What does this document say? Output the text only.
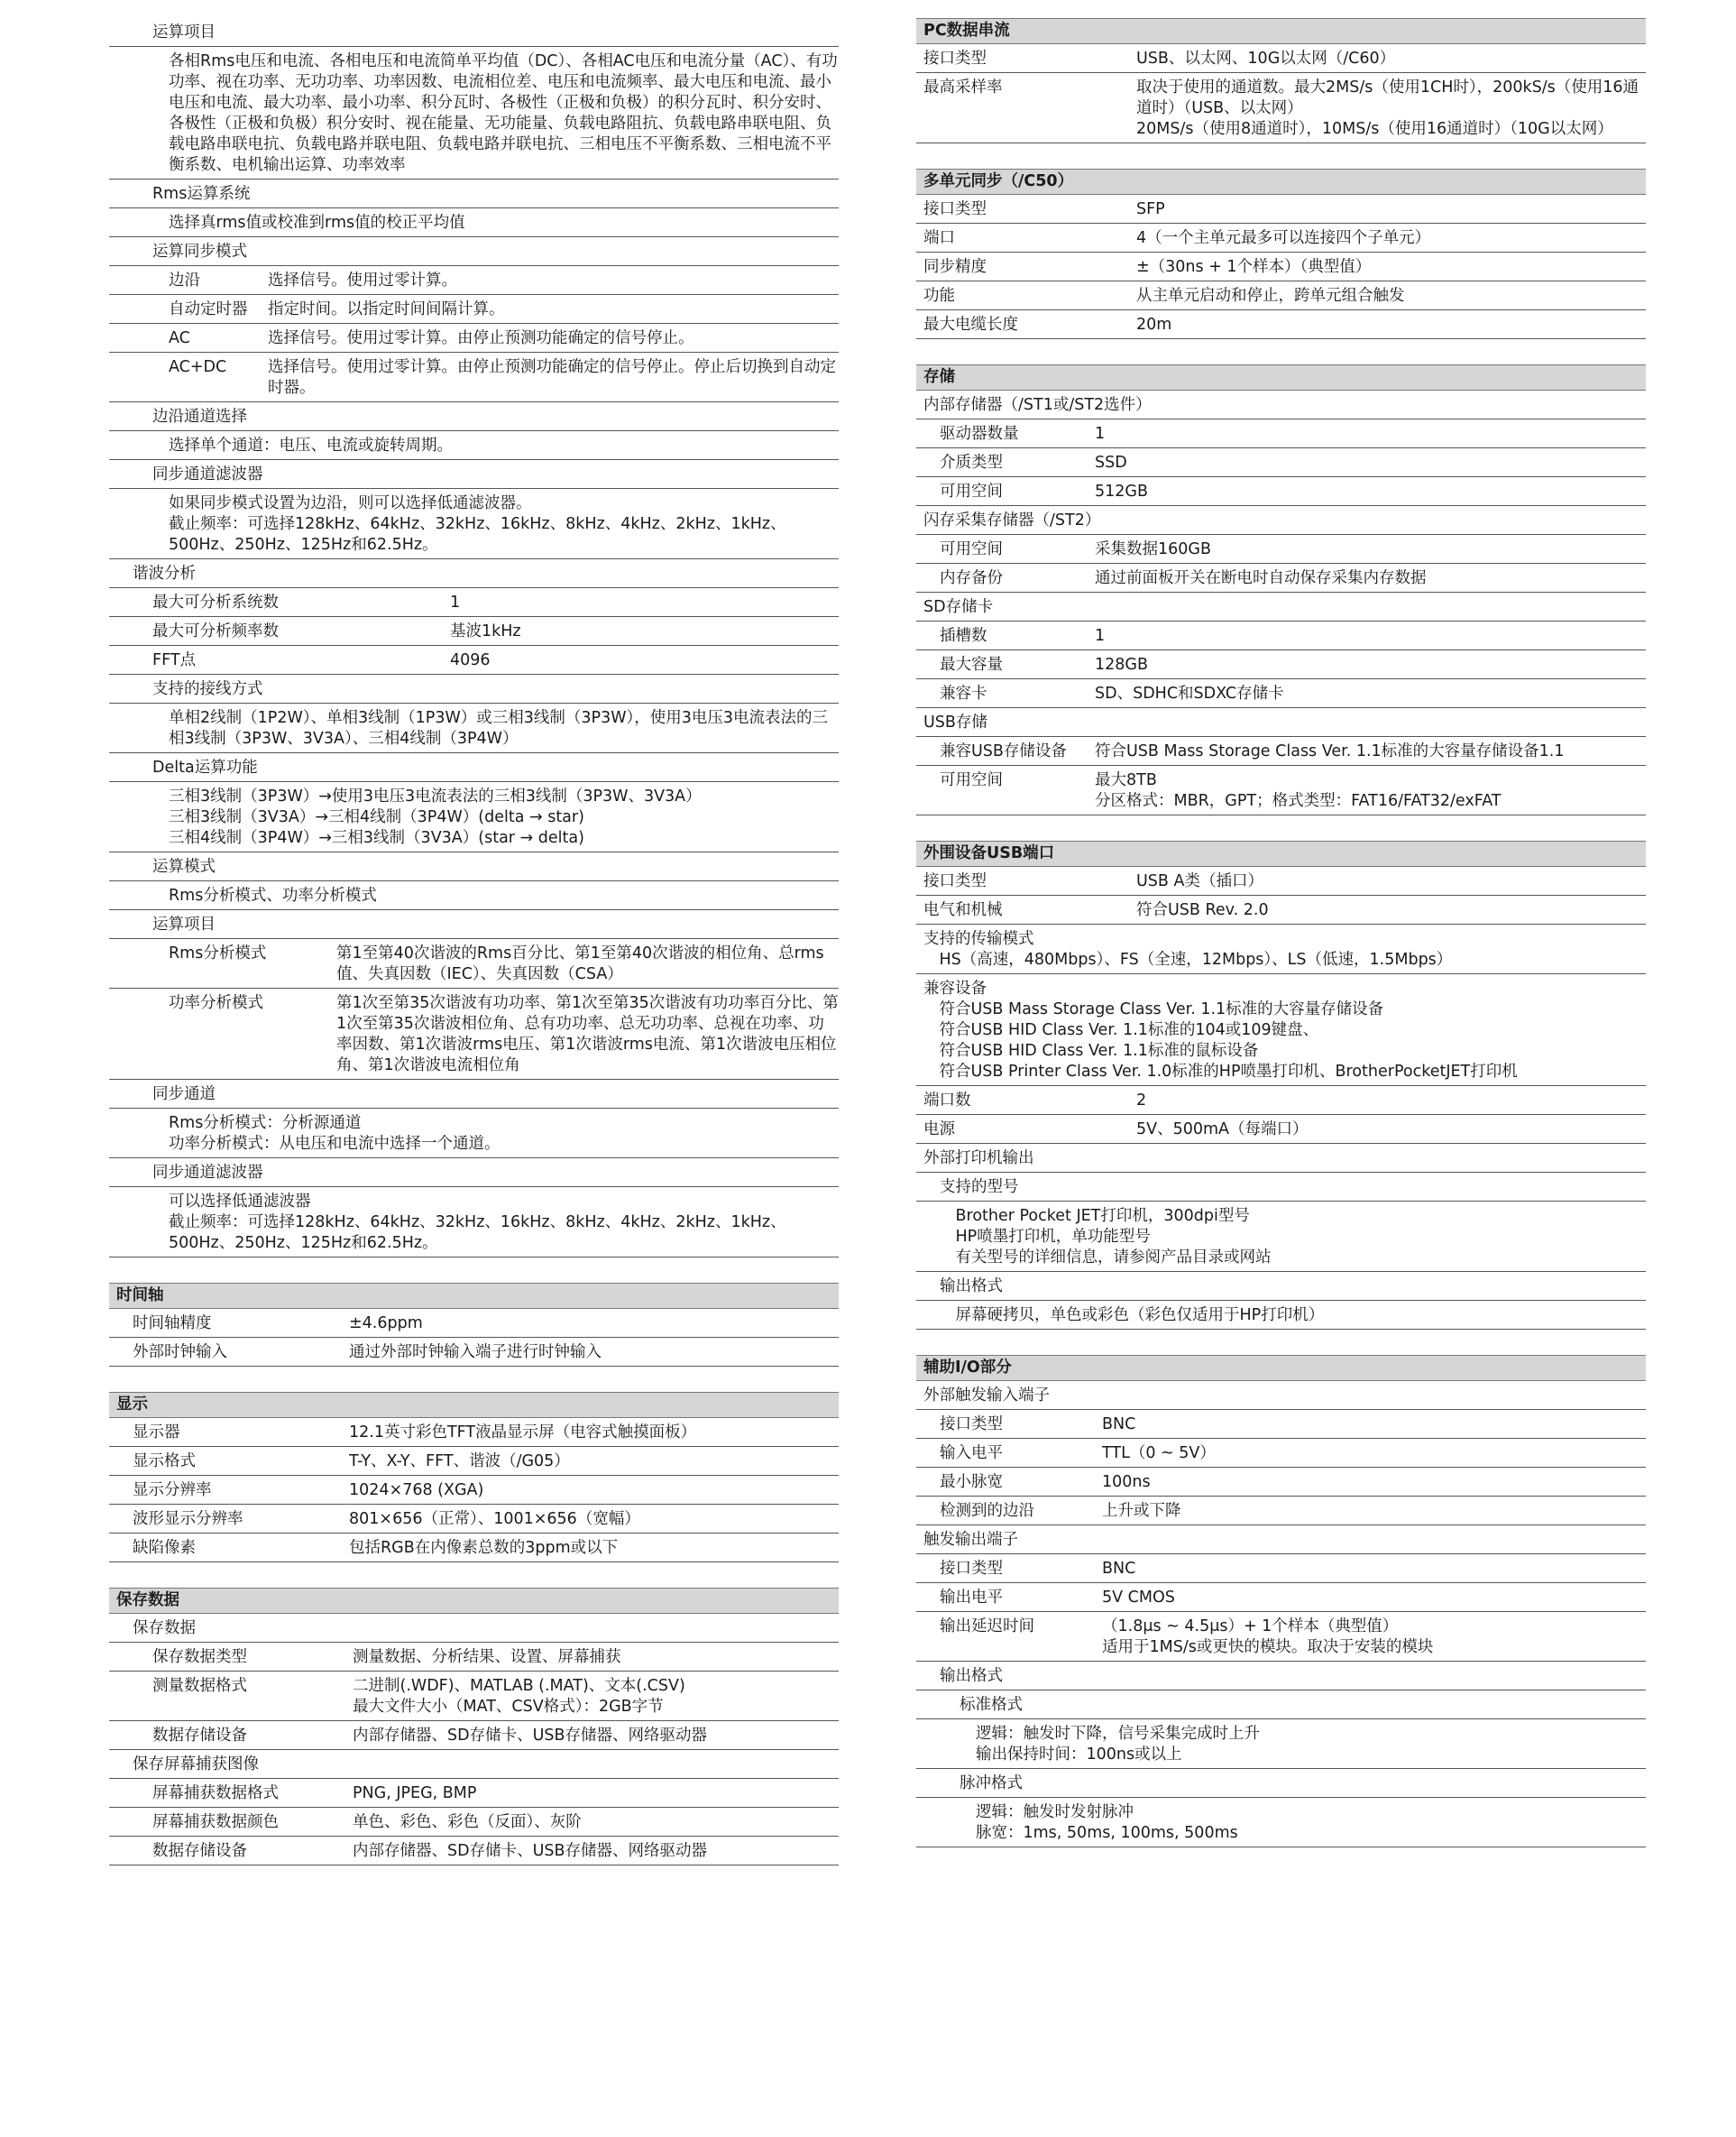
运算项目
各相Rms电压和电流、各相电压和电流简单平均值（DC）、各相AC电压和电流分量（AC）、有功功率、视在功率、无功功率、功率因数、电流相位差、电压和电流频率、最大电压和电流、最小电压和电流、最大功率、最小功率、积分瓦时、各极性（正极和负极）的积分瓦时、积分安时、各极性（正极和负极）积分安时、视在能量、无功能量、负载电路阻抗、负载电路串联电阻、负载电路串联电抗、负载电路并联电阻、负载电路并联电抗、三相电压不平衡系数、三相电流不平衡系数、电机输出运算、功率效率
Rms运算系统
选择真rms值或校准到rms值的校正平均值
运算同步模式
边沿	选择信号。使用过零计算。
自动定时器	指定时间。以指定时间间隔计算。
AC	选择信号。使用过零计算。由停止预测功能确定的信号停止。
AC+DC	选择信号。使用过零计算。由停止预测功能确定的信号停止。停止后切换到自动定时器。
边沿通道选择
选择单个通道：电压、电流或旋转周期。
同步通道滤波器
如果同步模式设置为边沿，则可以选择低通滤波器。
截止频率：可选择128kHz、64kHz、32kHz、16kHz、8kHz、4kHz、2kHz、1kHz、500Hz、250Hz、125Hz和62.5Hz。
谐波分析
最大可分析系统数	1
最大可分析频率数	基波1kHz
FFT点	4096
支持的接线方式
单相2线制（1P2W）、单相3线制（1P3W）或三相3线制（3P3W），使用3电压3电流表法的三相3线制（3P3W、3V3A）、三相4线制（3P4W）
Delta运算功能
三相3线制（3P3W）→使用3电压3电流表法的三相3线制（3P3W、3V3A）
三相3线制（3V3A）→三相4线制（3P4W）(delta → star)
三相4线制（3P4W）→三相3线制（3V3A）(star → delta)
运算模式
Rms分析模式、功率分析模式
运算项目
Rms分析模式	第1至第40次谐波的Rms百分比、第1至第40次谐波的相位角、总rms值、失真因数（IEC）、失真因数（CSA）
功率分析模式	第1次至第35次谐波有功功率、第1次至第35次谐波有功功率百分比、第1次至第35次谐波相位角、总有功功率、总无功功率、总视在功率、功率因数、第1次谐波rms电压、第1次谐波rms电流、第1次谐波电压相位角、第1次谐波电流相位角
同步通道
Rms分析模式：分析源通道
功率分析模式：从电压和电流中选择一个通道。
同步通道滤波器
可以选择低通滤波器
截止频率：可选择128kHz、64kHz、32kHz、16kHz、8kHz、4kHz、2kHz、1kHz、500Hz、250Hz、125Hz和62.5Hz。
时间轴
时间轴精度	±4.6ppm
外部时钟输入	通过外部时钟输入端子进行时钟输入
显示
显示器	12.1英寸彩色TFT液晶显示屏（电容式触摸面板）
显示格式	T-Y、X-Y、FFT、谐波（/G05）
显示分辨率	1024×768 (XGA)
波形显示分辨率	801×656（正常）、1001×656（宽幅）
缺陷像素	包括RGB在内像素总数的3ppm或以下
保存数据
保存数据
保存数据类型	测量数据、分析结果、设置、屏幕捕获
测量数据格式	二进制(.WDF)、MATLAB (.MAT)、文本(.CSV)
最大文件大小（MAT、CSV格式）：2GB字节
数据存储设备	内部存储器、SD存储卡、USB存储器、网络驱动器
保存屏幕捕获图像
屏幕捕获数据格式	PNG, JPEG, BMP
屏幕捕获数据颜色	单色、彩色、彩色（反面）、灰阶
数据存储设备	内部存储器、SD存储卡、USB存储器、网络驱动器
PC数据串流
接口类型	USB、以太网、10G以太网（/C60）
最高采样率	取决于使用的通道数。最大2MS/s（使用1CH时），200kS/s（使用16通道时）（USB、以太网）
20MS/s（使用8通道时），10MS/s（使用16通道时）（10G以太网）
多单元同步（/C50）
接口类型	SFP
端口	4（一个主单元最多可以连接四个子单元）
同步精度	±（30ns + 1个样本）（典型值）
功能	从主单元启动和停止，跨单元组合触发
最大电缆长度	20m
存储
内部存储器（/ST1或/ST2选件）
驱动器数量	1
介质类型	SSD
可用空间	512GB
闪存采集存储器（/ST2）
可用空间	采集数据160GB
内存备份	通过前面板开关在断电时自动保存采集内存数据
SD存储卡
插槽数	1
最大容量	128GB
兼容卡	SD、SDHC和SDXC存储卡
USB存储
兼容USB存储设备	符合USB Mass Storage Class Ver. 1.1标准的大容量存储设备1.1
可用空间	最大8TB
分区格式：MBR，GPT；格式类型：FAT16/FAT32/exFAT
外围设备USB端口
接口类型	USB A类（插口）
电气和机械	符合USB Rev. 2.0
支持的传输模式
　HS（高速，480Mbps）、FS（全速，12Mbps）、LS（低速，1.5Mbps）
兼容设备
　符合USB Mass Storage Class Ver. 1.1标准的大容量存储设备
　符合USB HID Class Ver. 1.1标准的104或109键盘、
　符合USB HID Class Ver. 1.1标准的鼠标设备
　符合USB Printer Class Ver. 1.0标准的HP喷墨打印机、BrotherPocketJET打印机
端口数	2
电源	5V、500mA（每端口）
外部打印机输出
支持的型号
　Brother Pocket JET打印机，300dpi型号
　HP喷墨打印机，单功能型号
　有关型号的详细信息，请参阅产品目录或网站
输出格式
　屏幕硬拷贝，单色或彩色（彩色仅适用于HP打印机）
辅助I/O部分
外部触发输入端子
接口类型	BNC
输入电平	TTL（0 ~ 5V）
最小脉宽	100ns
检测到的边沿	上升或下降
触发输出端子
接口类型	BNC
输出电平	5V CMOS
输出延迟时间	（1.8μs ~ 4.5μs）+ 1个样本（典型值）
适用于1MS/s或更快的模块。取决于安装的模块
输出格式
标准格式
逻辑：触发时下降，信号采集完成时上升
输出保持时间：100ns或以上
脉冲格式
逻辑：触发时发射脉冲
脉宽：1ms, 50ms, 100ms, 500ms
